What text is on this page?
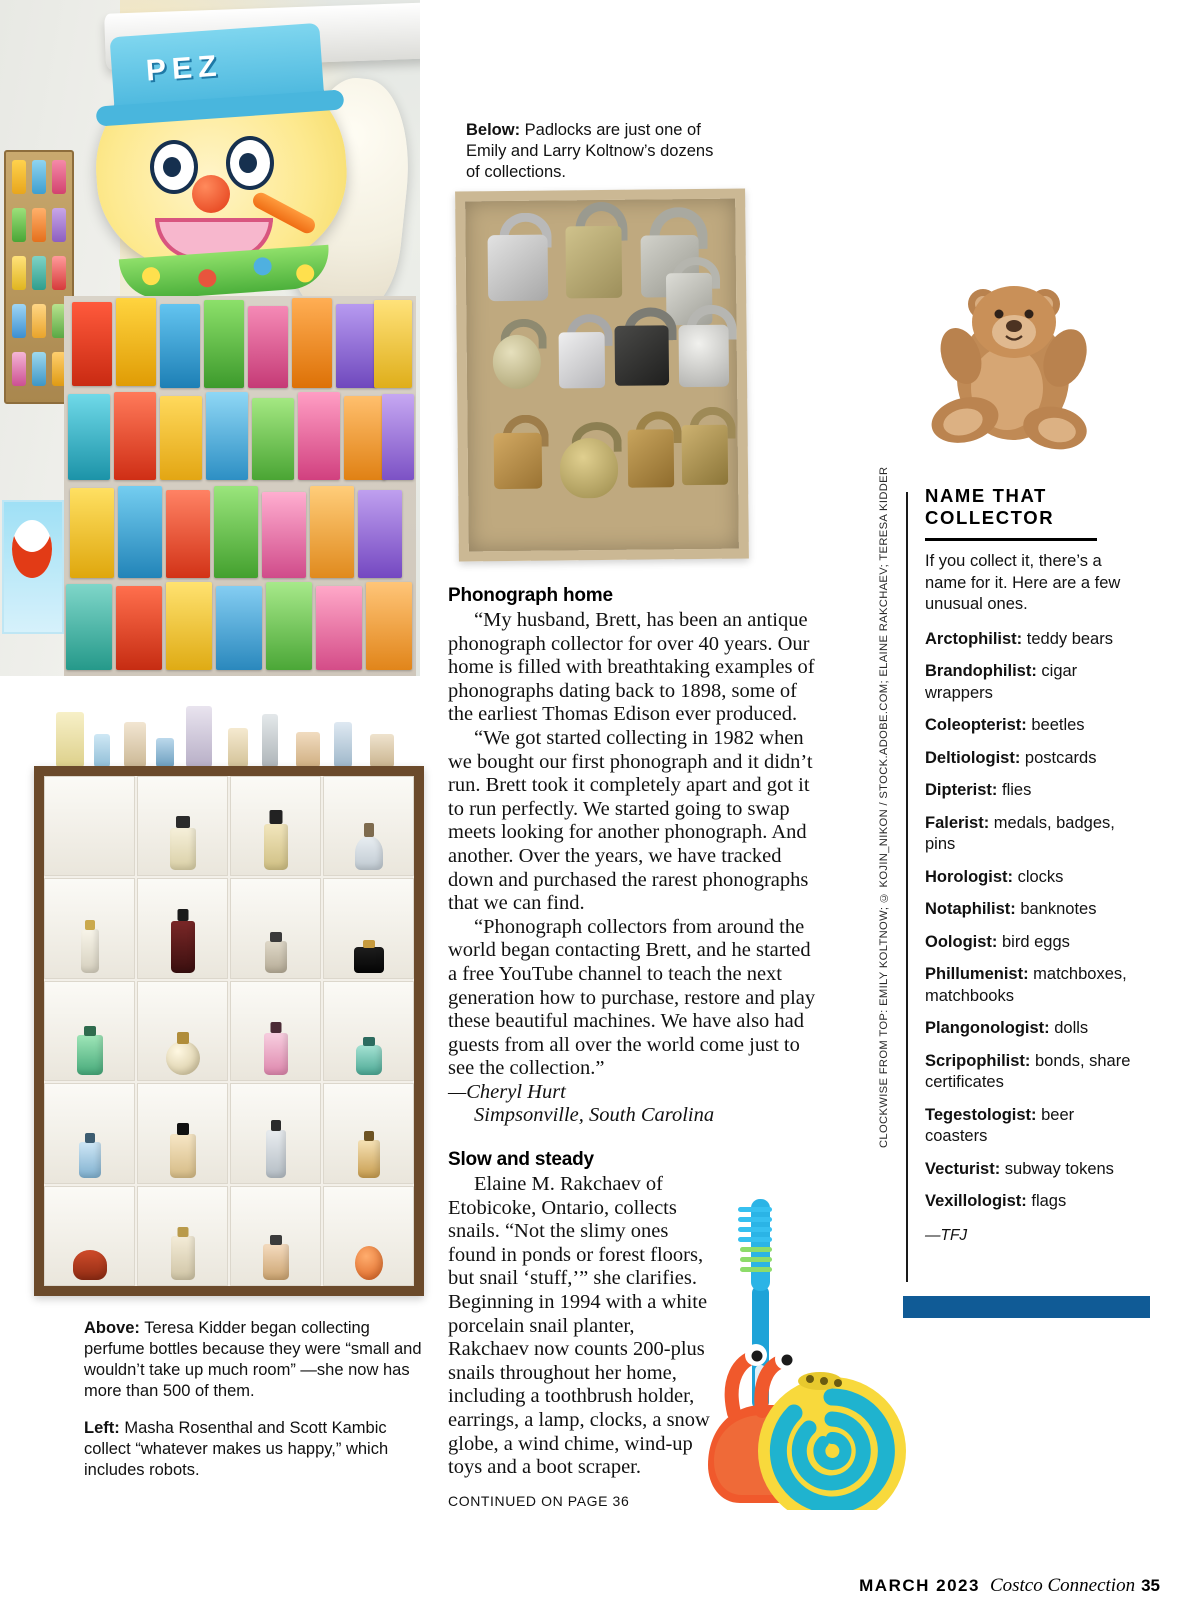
PEZ
Below: Padlocks are just one of Emily and Larry Koltnow’s dozens of collections.
Phonograph home

“My husband, Brett, has been an antique phonograph collector for over 40 years. Our home is filled with breathtaking examples of phonographs dating back to 1898, some of the earliest Thomas Edison ever produced.

“We got started collecting in 1982 when we bought our first phonograph and it didn’t run. Brett took it completely apart and got it to run perfectly. We started going to swap meets looking for another phonograph. And another. Over the years, we have tracked down and purchased the rarest phonographs that we can find.

“Phonograph collectors from around the world began contacting Brett, and he started a free YouTube channel to teach the next generation how to purchase, restore and play these beautiful machines. We have also had guests from all over the world come just to see the collection.”

—Cheryl Hurt

Simpsonville, South Carolina

Slow and steady

Elaine M. Rakchaev of Etobicoke, Ontario, collects snails. “Not the slimy ones found in ponds or forest floors, but snail ‘stuff,’” she clarifies. Beginning in 1994 with a white porcelain snail planter, Rakchaev now counts 200-plus snails throughout her home, including a toothbrush holder, earrings, a lamp, clocks, a snow globe, a wind chime, wind-up toys and a boot scraper.

CONTINUED ON PAGE 36
Above: Teresa Kidder began collecting perfume bottles because they were “small and wouldn’t take up much room” —she now has more than 500 of them.
Left: Masha Rosenthal and Scott Kambic collect “whatever makes us happy,” which includes robots.
CLOCKWISE FROM TOP: EMILY KOLTNOW; © KOJIN_NIKON / STOCK.ADOBE.COM; ELAINE RAKCHAEV; TERESA KIDDER NAME THAT
COLLECTOR
If you collect it, there’s a name for it. Here are a few unusual ones.
Arctophilist: teddy bears
Brandophilist: cigar wrappers
Coleopterist: beetles
Deltiologist: postcards
Dipterist: flies
Falerist: medals, badges, pins
Horologist: clocks
Notaphilist: banknotes
Oologist: bird eggs
Phillumenist: matchboxes, matchbooks
Plangonologist: dolls
Scripophilist: bonds, share certificates
Tegestologist: beer coasters
Vecturist: subway tokens
Vexillologist: flags
—TFJ
MARCH 2023 Costco Connection 35
